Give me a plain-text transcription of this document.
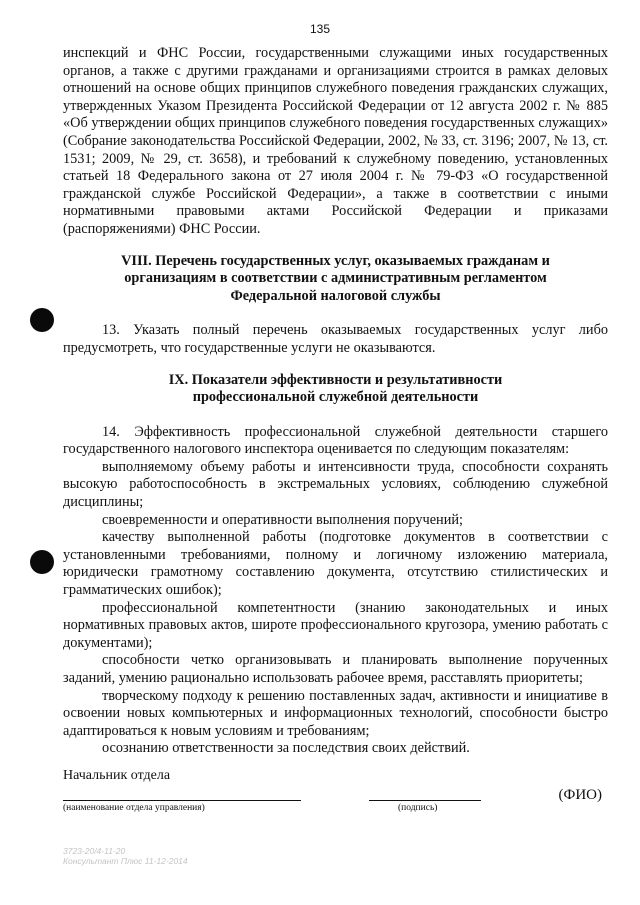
135

инспекций и ФНС России, государственными служащими иных государственных органов, а также с другими гражданами и организациями строится в рамках деловых отношений на основе общих принципов служебного поведения гражданских служащих, утвержденных Указом Президента Российской Федерации от 12 августа 2002 г. № 885 «Об утверждении общих принципов служебного поведения государственных служащих» (Собрание законодательства Российской Федерации, 2002, № 33, ст. 3196; 2007, № 13, ст. 1531; 2009, № 29, ст. 3658), и требований к служебному поведению, установленных статьей 18 Федерального закона от 27 июля 2004 г. № 79-ФЗ «О государственной гражданской службе Российской Федерации», а также в соответствии с иными нормативными правовыми актами Российской Федерации и приказами (распоряжениями) ФНС России.

VIII. Перечень государственных услуг, оказываемых гражданам и
организациям в соответствии с административным регламентом
Федеральной налоговой службы

13. Указать полный перечень оказываемых государственных услуг либо предусмотреть, что государственные услуги не оказываются.

IX. Показатели эффективности и результативности
профессиональной служебной деятельности

14. Эффективность профессиональной служебной деятельности старшего государственного налогового инспектора оценивается по следующим показателям:

выполняемому объему работы и интенсивности труда, способности сохранять высокую работоспособность в экстремальных условиях, соблюдению служебной дисциплины;

своевременности и оперативности выполнения поручений;

качеству выполненной работы (подготовке документов в соответствии с установленными требованиями, полному и логичному изложению материала, юридически грамотному составлению документа, отсутствию стилистических и грамматических ошибок);

профессиональной компетентности (знанию законодательных и иных нормативных правовых актов, широте профессионального кругозора, умению работать с документами);

способности четко организовывать и планировать выполнение порученных заданий, умению рационально использовать рабочее время, расставлять приоритеты;

творческому подходу к решению поставленных задач, активности и инициативе в освоении новых компьютерных и информационных технологий, способности быстро адаптироваться к новым условиям и требованиям;

осознанию ответственности за последствия своих действий.

Начальник отдела
(наименование отдела управления)	(подпись)
(ФИО)
3723-20/4-11-20
Консультант Плюс 11-12-2014
